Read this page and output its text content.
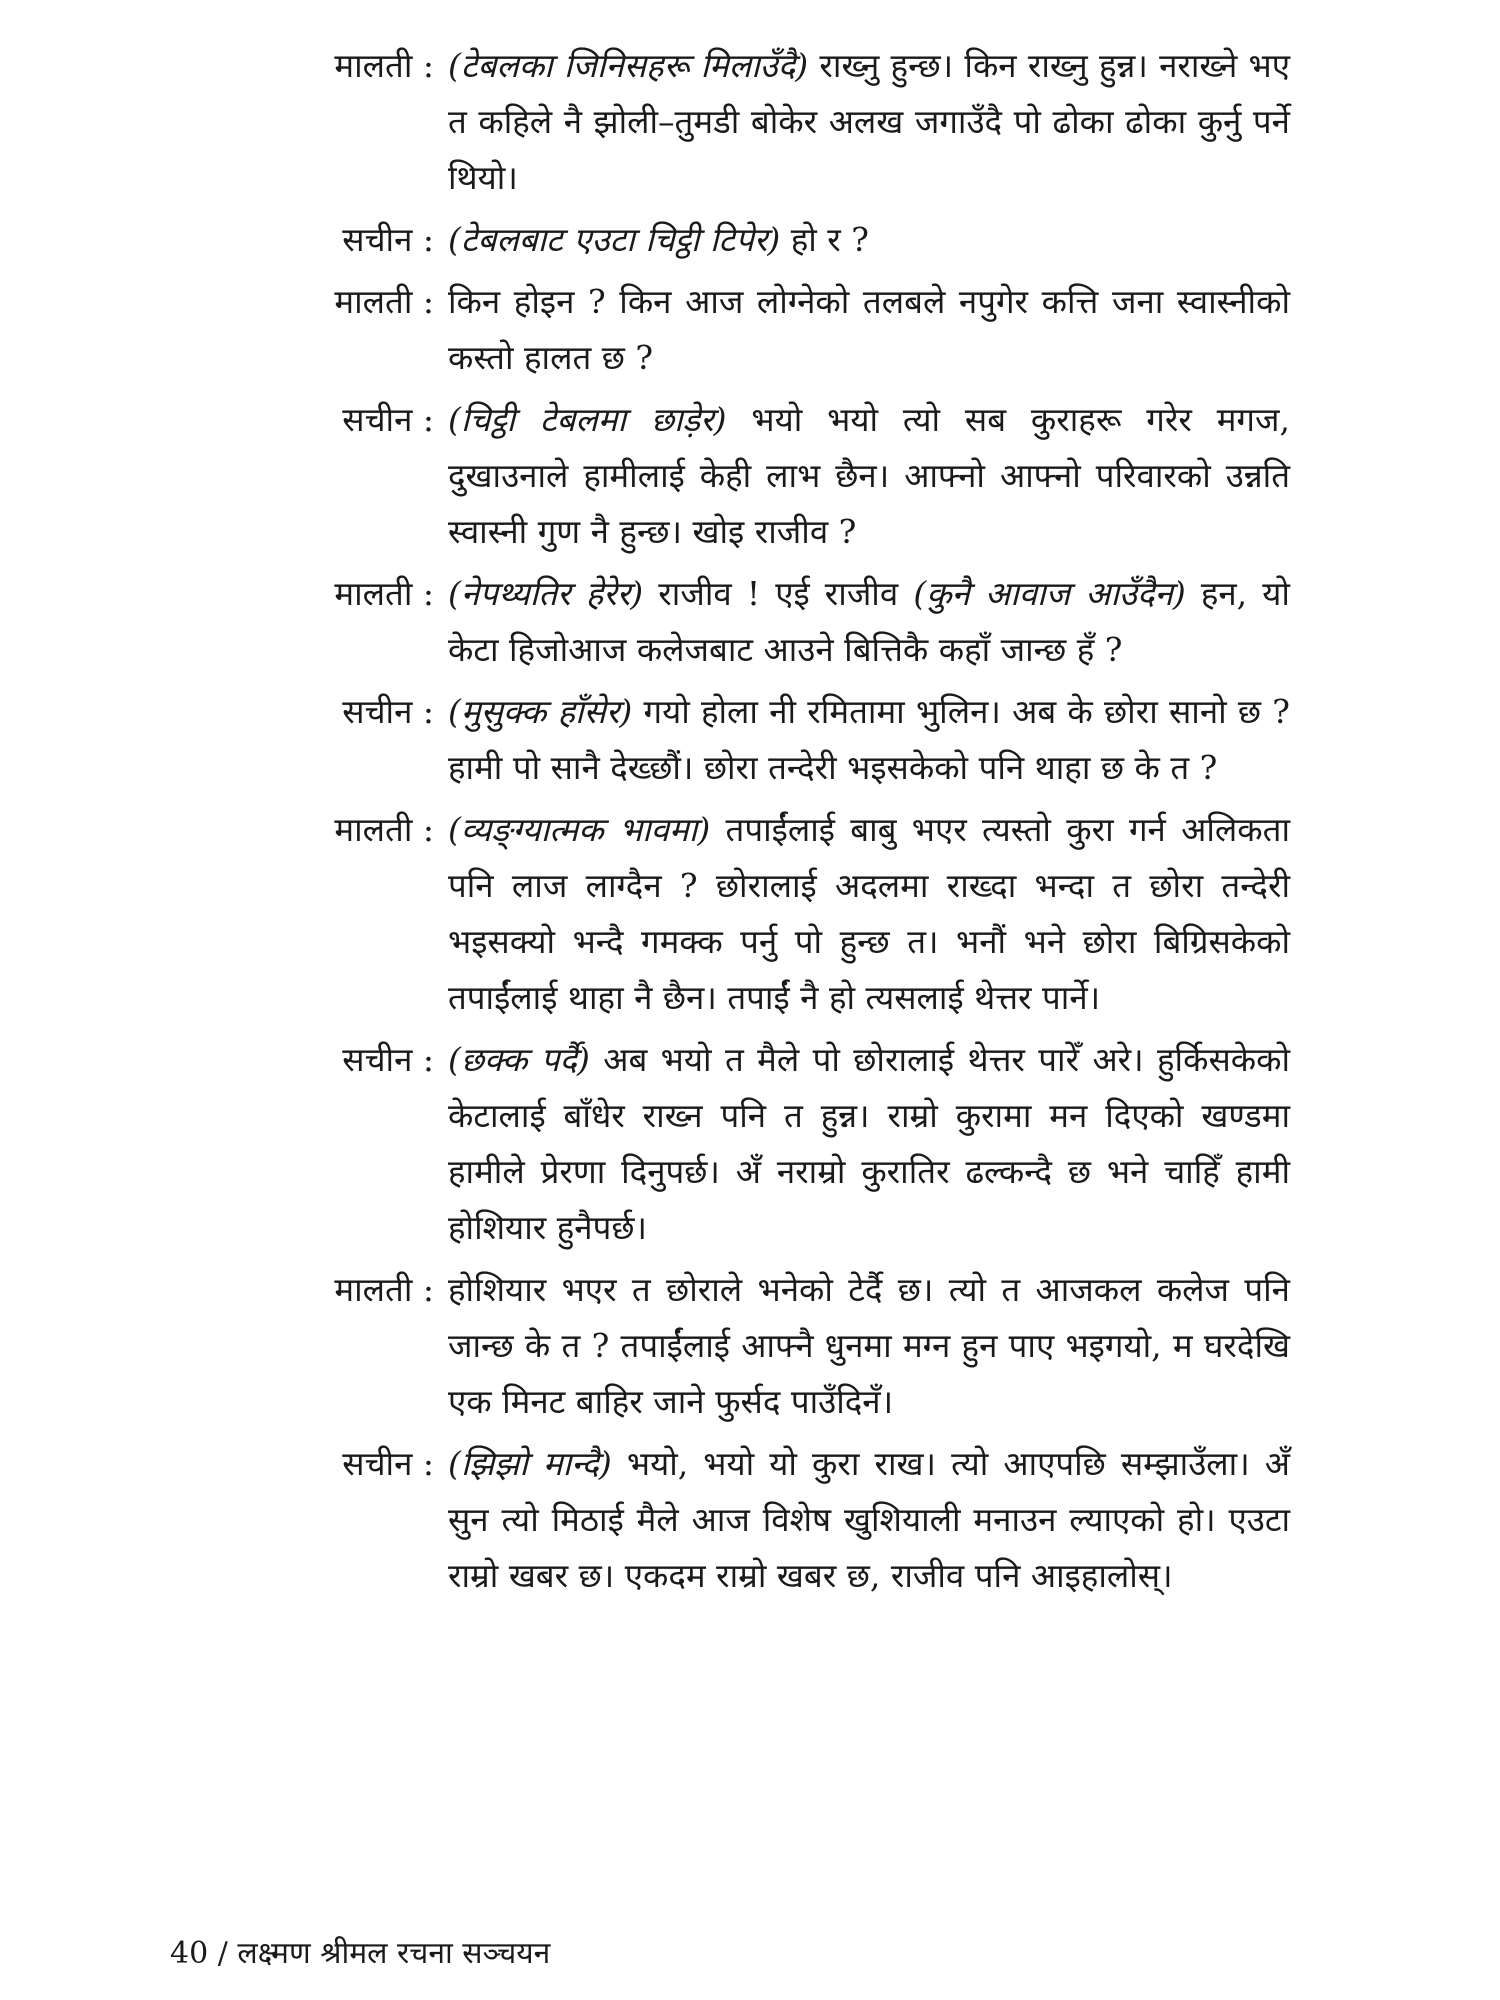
मालती : (टेबलका जिनिसहरू मिलाउँदै) राख्नु हुन्छ। किन राख्नु हुन्न। नराख्ने भए त कहिले नै झोली–तुमडी बोकेर अलख जगाउँदै पो ढोका ढोका कुर्नु पर्ने थियो।

सचीन : (टेबलबाट एउटा चिट्ठी टिपेर) हो र ?

मालती : किन होइन ? किन आज लोग्नेको तलबले नपुगेर कत्ति जना स्वास्नीको कस्तो हालत छ ?

सचीन : (चिट्ठी टेबलमा छाड़ेर) भयो भयो त्यो सब कुराहरू गरेर मगज, दुखाउनाले हामीलाई केही लाभ छैन। आफ्नो आफ्नो परिवारको उन्नति स्वास्नी गुण नै हुन्छ। खोइ राजीव ?

मालती : (नेपथ्यतिर हेरेर) राजीव ! एई राजीव (कुनै आवाज आउँदैन) हन, यो केटा हिजोआज कलेजबाट आउने बित्तिकै कहाँ जान्छ हँ ?

सचीन : (मुसुक्क हाँसेर) गयो होला नी रमितामा भुलिन। अब के छोरा सानो छ ? हामी पो सानै देख्छौं। छोरा तन्देरी भइसकेको पनि थाहा छ के त ?

मालती : (व्यङ्ग्यात्मक भावमा) तपाईंलाई बाबु भएर त्यस्तो कुरा गर्न अलिकता पनि लाज लाग्दैन ? छोरालाई अदलमा राख्दा भन्दा त छोरा तन्देरी भइसक्यो भन्दै गमक्क पर्नु पो हुन्छ त। भनौं भने छोरा बिग्रिसकेको तपाईंलाई थाहा नै छैन। तपाईं नै हो त्यसलाई थेत्तर पार्ने।

सचीन : (छक्क पर्दै) अब भयो त मैले पो छोरालाई थेत्तर पारेँ अरे। हुर्किसकेको केटालाई बाँधेर राख्न पनि त हुन्न। राम्रो कुरामा मन दिएको खण्डमा हामीले प्रेरणा दिनुपर्छ। अँ नराम्रो कुरातिर ढल्कन्दै छ भने चाहिँ हामी होशियार हुनैपर्छ।

मालती : होशियार भएर त छोराले भनेको टेर्दै छ। त्यो त आजकल कलेज पनि जान्छ के त ? तपाईंलाई आफ्नै धुनमा मग्न हुन पाए भइगयो, म घरदेखि एक मिनट बाहिर जाने फुर्सद पाउँदिनँ।

सचीन : (झिझो मान्दै) भयो, भयो यो कुरा राख। त्यो आएपछि सम्झाउँला। अँ सुन त्यो मिठाई मैले आज विशेष खुशियाली मनाउन ल्याएको हो। एउटा राम्रो खबर छ। एकदम राम्रो खबर छ, राजीव पनि आइहालोस्।

40 / लक्ष्मण श्रीमल रचना सञ्चयन
